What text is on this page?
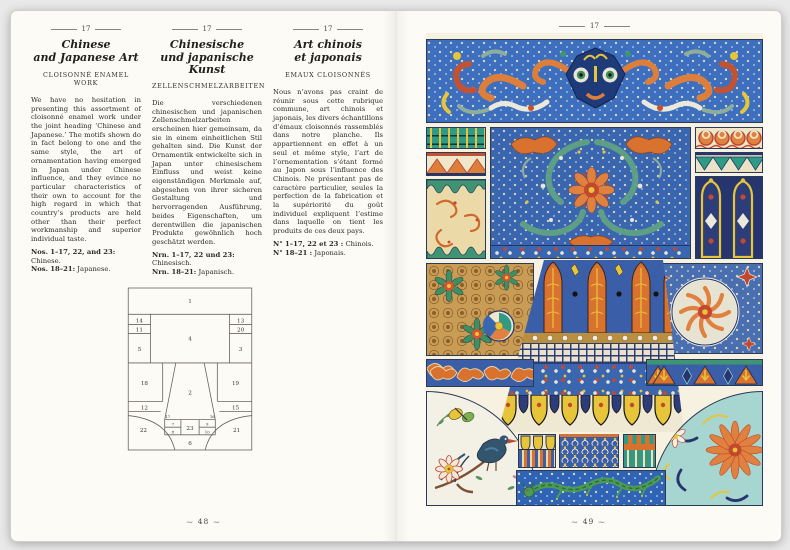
17
Chinese
and Japanese Art
CLOISONNÉ ENAMEL WORK

We have no hesitation in presenting this assortment of cloisonné enamel work under the joint heading ‘Chinese and Japanese.’ The motifs shown do in fact belong to one and the same style, the art of ornamentation having emerged in Japan under Chinese influence, and they evince no particular characteristics of their own to account for the high regard in which that country’s products are held other than their perfect workmanship and superior individual taste.

Nos. 1–17, 22, and 23: Chinese.

Nos. 18–21: Japanese.

17
Chinesische
und japanische Kunst
ZELLENSCHMELZARBEITEN

Die verschiedenen chinesischen und japanischen Zellenschmelzarbeiten erscheinen hier gemeinsam, da sie in einem einheitlichen Stil gehalten sind. Die Kunst der Ornamentik entwickelte sich in Japan unter chinesischem Einfluss und weist keine eigenständigen Merkmale auf, abgesehen von ihrer sicheren Gestaltung und hervorragenden Ausführung, beides Eigenschaften, um derentwillen die japanischen Produkte gewöhnlich hoch geschätzt werden.

Nrn. 1–17, 22 und 23: Chinesisch.

Nrn. 18–21: Japanisch.

17
Art chinois
et japonais
EMAUX CLOISONNÉS

Nous n’avons pas craint de réunir sous cette rubrique commune, art chinois et japonais, les divers échantillons d’émaux cloisonnés rassemblés dans notre planche. Ils appartiennent en effet à un seul et même style, l’art de l’ornementation s’étant formé au Japon sous l’influence des Chinois. Ne présentant pas de caractère particulier, seules la perfection de la fabrication et la supériorité du goût individuel expliquent l’estime dans laquelle on tient les produits de ces deux pays.

N° 1–17, 22 et 23 : Chinois.

N° 18–21 : Japonais.

1
14
11
5
4
13
20
3
18
2
19
12	15
17	16
22	21
7
8 23
9
10
6
∼ 48 ∼
17
∼ 49 ∼
